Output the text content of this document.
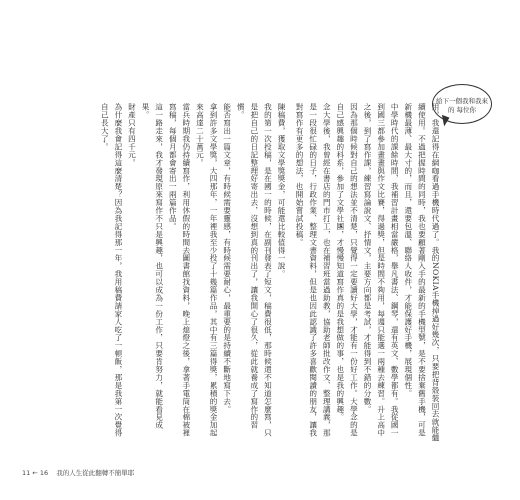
給下一個我和我來
的 每位你
用，我還記得在網咖看過手機時代過了。我的NOKIA手機掉過好幾次，只要把背殼裝回去就能繼續使用。不過把握時間的同時，我也要顧著剛入手的最新的手機型號，是不要捨棄舊手機，可是新機最薄、最大寸的，而且，還要包溫、聯絡人收件，才能保護好手機，展現個性。
中學時代的課餘時間，我補習計畫相當嚴格，舉凡書法、鋼琴，還有英文、數學都有。我從國一到國三都參加畫畫與作文比賽，得過獎，但是時間不夠用，每週只能選一兩種去練習。升上高中之後，到了寫作課，練習寫論說文、抒情文，主要方向都是考試，才能得到不錯的分數。
因為那個時候對自己的想法並不清楚，只覺得一定要讀好大學，才能有一份好工作。大學念的是自己感興趣的科系，參加了文學社團，才慢慢知道寫作真的是我想做的事，也是我的興趣。
念大學後，我曾經在書店的門市打工，也在補習班當過助教，協助老師批改作文、整理講義，那是一段很忙碌的日子，行政作業、整理文書資料，但是也因此認識了許多喜歡閱讀的朋友，讓我對寫作有更多的想法，也開始嘗試投稿。
陳稿費，獲取文學獎獎金，可能還比較值得一說。
我的第一次投稿，是在國一的時候，在副刊發表了短文，稿費很低，那時候還不知道怎麼寫，只是把自己的日記整理好寄出去，沒想到真的刊出了，讓我開心了很久，從此就養成了寫作的習慣。
能否寫出一篇文章，有時候需要靈感，有時候需要耐心，最重要的是持續不斷地寫下去。
拿到許多文學獎，大四那年，一年裡我至少投了十幾篇作品，其中有三篇得獎，累積的獎金加起來高達二十萬元。
當兵時期我仍持續寫作，利用休假的時間去圖書館找資料，晚上熄燈之後，拿著手電筒在棉被裡寫稿，每個月都會寄出一兩篇作品。
這一路走來，我才發現原來寫作不只是興趣，也可以成為一份工作，只要肯努力，就能看見成果。
財產只有四千元。
為什麼我會記得這麼清楚？因為我記得那一年，我用稿費請家人吃了一頓飯，那是我第一次覺得自己長大了。
11 ← 16 我的人生從此翻轉不簡單耶
